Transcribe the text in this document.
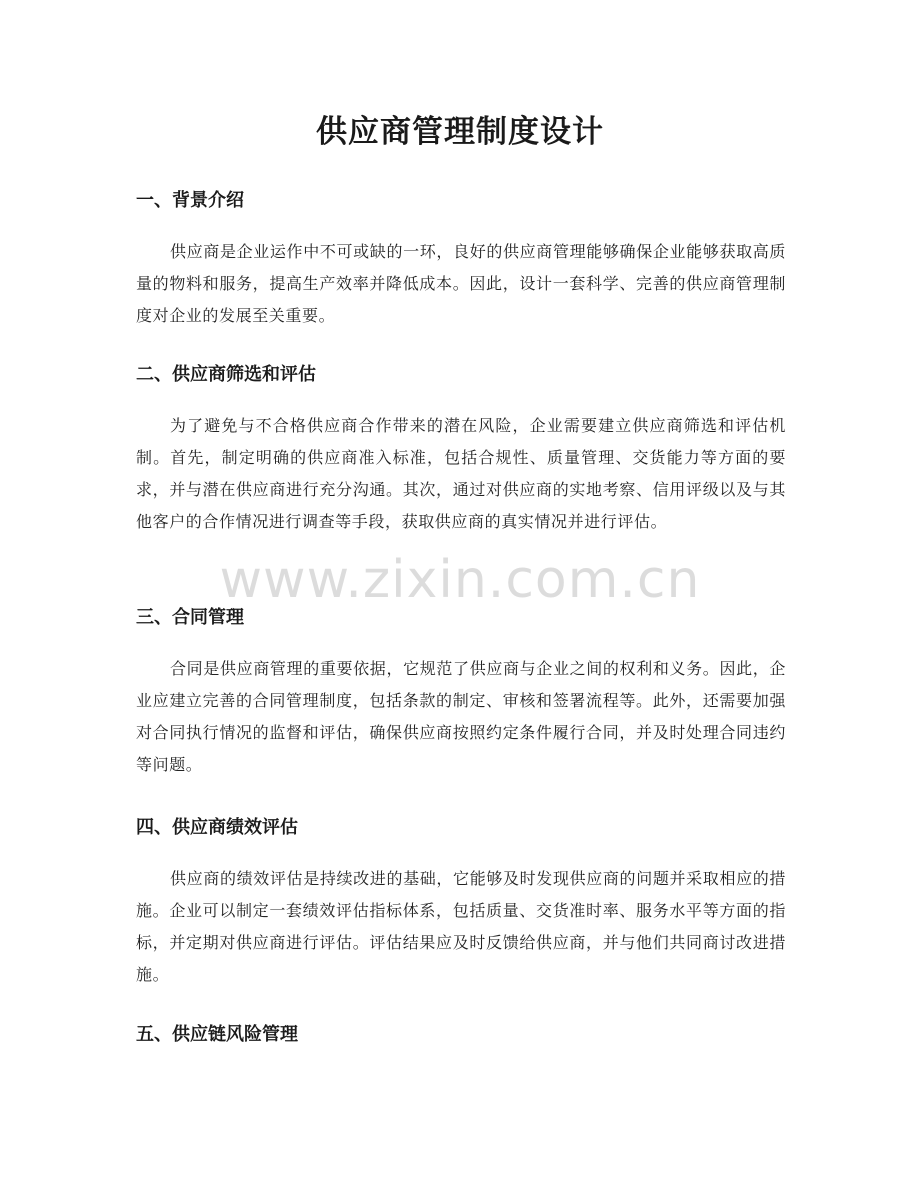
供应商管理制度设计
一、背景介绍

供应商是企业运作中不可或缺的一环，良好的供应商管理能够确保企业能够获取高质量的物料和服务，提高生产效率并降低成本。因此，设计一套科学、完善的供应商管理制度对企业的发展至关重要。

二、供应商筛选和评估

为了避免与不合格供应商合作带来的潜在风险，企业需要建立供应商筛选和评估机制。首先，制定明确的供应商准入标准，包括合规性、质量管理、交货能力等方面的要求，并与潜在供应商进行充分沟通。其次，通过对供应商的实地考察、信用评级以及与其他客户的合作情况进行调查等手段，获取供应商的真实情况并进行评估。

三、合同管理

合同是供应商管理的重要依据，它规范了供应商与企业之间的权利和义务。因此，企业应建立完善的合同管理制度，包括条款的制定、审核和签署流程等。此外，还需要加强对合同执行情况的监督和评估，确保供应商按照约定条件履行合同，并及时处理合同违约等问题。

四、供应商绩效评估

供应商的绩效评估是持续改进的基础，它能够及时发现供应商的问题并采取相应的措施。企业可以制定一套绩效评估指标体系，包括质量、交货准时率、服务水平等方面的指标，并定期对供应商进行评估。评估结果应及时反馈给供应商，并与他们共同商讨改进措施。

五、供应链风险管理
www.zixin.com.cn
